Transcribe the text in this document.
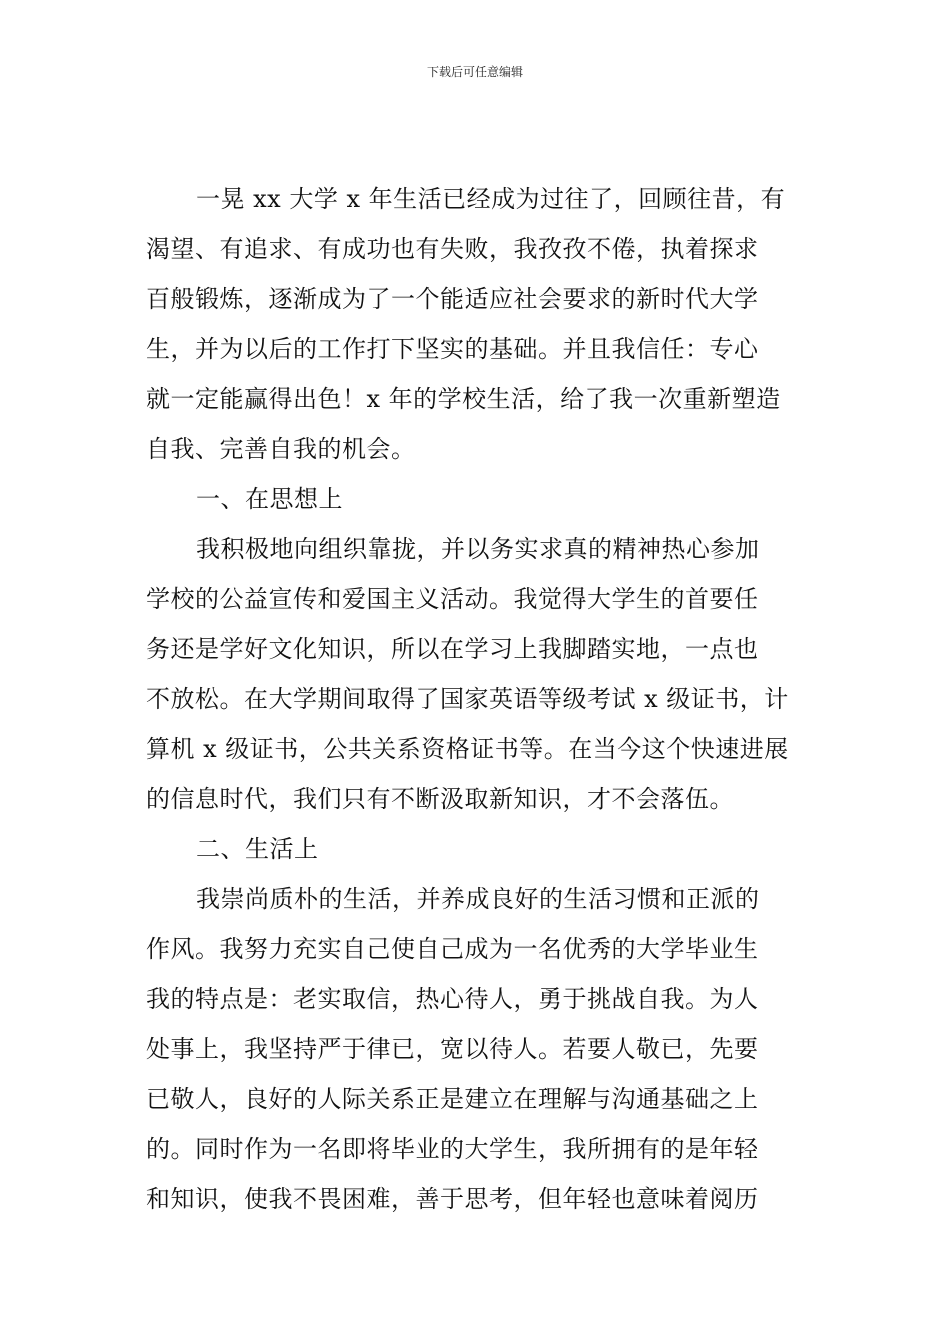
下载后可任意编辑
一晃 xx 大学 x 年生活已经成为过往了，回顾往昔，有
渴望、有追求、有成功也有失败，我孜孜不倦，执着探求
百般锻炼，逐渐成为了一个能适应社会要求的新时代大学
生，并为以后的工作打下坚实的基础。并且我信任：专心
就一定能赢得出色！x 年的学校生活，给了我一次重新塑造
自我、完善自我的机会。
一、在思想上
我积极地向组织靠拢，并以务实求真的精神热心参加
学校的公益宣传和爱国主义活动。我觉得大学生的首要任
务还是学好文化知识，所以在学习上我脚踏实地，一点也
不放松。在大学期间取得了国家英语等级考试 x 级证书，计
算机 x 级证书，公共关系资格证书等。在当今这个快速进展
的信息时代，我们只有不断汲取新知识，才不会落伍。
二、生活上
我崇尚质朴的生活，并养成良好的生活习惯和正派的
作风。我努力充实自己使自己成为一名优秀的大学毕业生
我的特点是：老实取信，热心待人，勇于挑战自我。为人
处事上，我坚持严于律已，宽以待人。若要人敬已，先要
已敬人，良好的人际关系正是建立在理解与沟通基础之上
的。同时作为一名即将毕业的大学生，我所拥有的是年轻
和知识，使我不畏困难，善于思考，但年轻也意味着阅历
